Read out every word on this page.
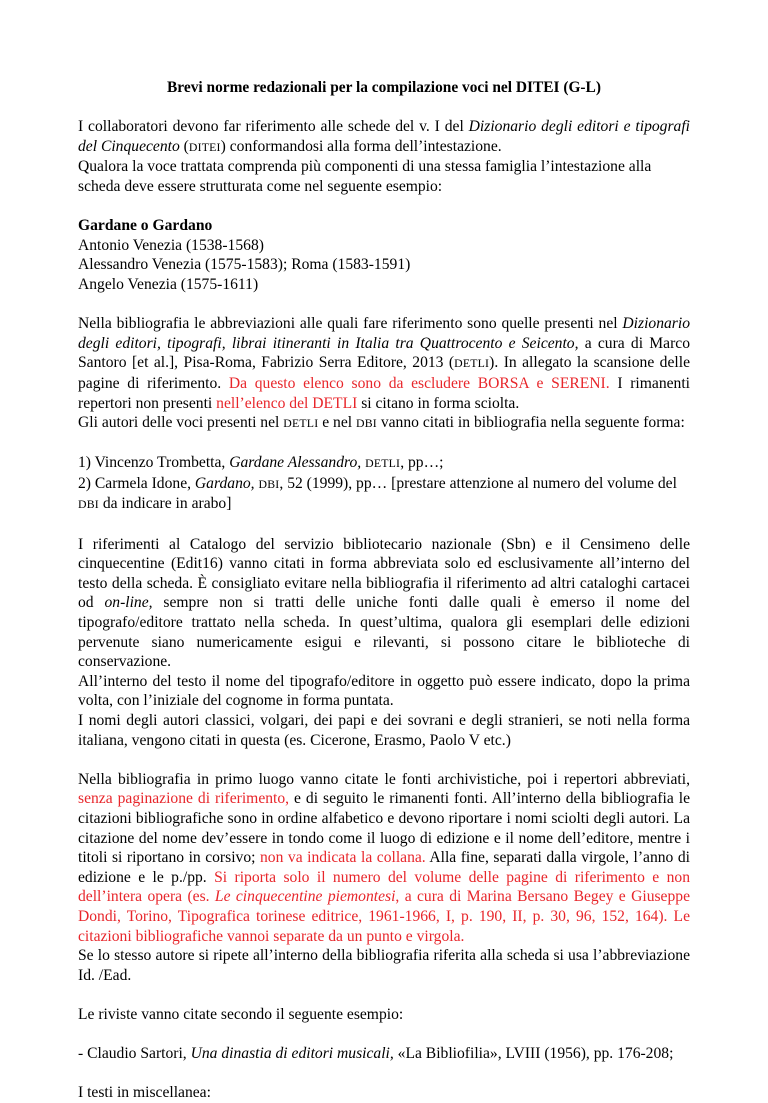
Brevi norme redazionali per la compilazione voci nel DITEI (G-L)

I collaboratori devono far riferimento alle schede del v. I del Dizionario degli editori e tipografi del Cinquecento (DITEI) conformandosi alla forma dell’intestazione.

Qualora la voce trattata comprenda più componenti di una stessa famiglia l’intestazione alla scheda deve essere strutturata come nel seguente esempio:

Gardane o Gardano

Antonio Venezia (1538-1568)

Alessandro Venezia (1575-1583); Roma (1583-1591)

Angelo Venezia (1575-1611)

Nella bibliografia le abbreviazioni alle quali fare riferimento sono quelle presenti nel Dizionario degli editori, tipografi, librai itineranti in Italia tra Quattrocento e Seicento, a cura di Marco Santoro [et al.], Pisa-Roma, Fabrizio Serra Editore, 2013 (DETLI). In allegato la scansione delle pagine di riferimento. Da questo elenco sono da escludere BORSA e SERENI. I rimanenti repertori non presenti nell’elenco del DETLI si citano in forma sciolta.

Gli autori delle voci presenti nel DETLI e nel DBI vanno citati in bibliografia nella seguente forma:

1) Vincenzo Trombetta, Gardane Alessandro, DETLI, pp…;

2) Carmela Idone, Gardano, DBI, 52 (1999), pp… [prestare attenzione al numero del volume del DBI da indicare in arabo]

I riferimenti al Catalogo del servizio bibliotecario nazionale (Sbn) e il Censimeno delle cinquecentine (Edit16) vanno citati in forma abbreviata solo ed esclusivamente all’interno del testo della scheda. È consigliato evitare nella bibliografia il riferimento ad altri cataloghi cartacei od on-line, sempre non si tratti delle uniche fonti dalle quali è emerso il nome del tipografo/editore trattato nella scheda. In quest’ultima, qualora gli esemplari delle edizioni pervenute siano numericamente esigui e rilevanti, si possono citare le biblioteche di conservazione.

All’interno del testo il nome del tipografo/editore in oggetto può essere indicato, dopo la prima volta, con l’iniziale del cognome in forma puntata.

I nomi degli autori classici, volgari, dei papi e dei sovrani e degli stranieri, se noti nella forma italiana, vengono citati in questa (es. Cicerone, Erasmo, Paolo V etc.)

Nella bibliografia in primo luogo vanno citate le fonti archivistiche, poi i repertori abbreviati, senza paginazione di riferimento, e di seguito le rimanenti fonti. All’interno della bibliografia le citazioni bibliografiche sono in ordine alfabetico e devono riportare i nomi sciolti degli autori. La citazione del nome dev’essere in tondo come il luogo di edizione e il nome dell’editore, mentre i titoli si riportano in corsivo; non va indicata la collana. Alla fine, separati dalla virgole, l’anno di edizione e le p./pp. Si riporta solo il numero del volume delle pagine di riferimento e non dell’intera opera (es. Le cinquecentine piemontesi, a cura di Marina Bersano Begey e Giuseppe Dondi, Torino, Tipografica torinese editrice, 1961-1966, I, p. 190, II, p. 30, 96, 152, 164). Le citazioni bibliografiche vannoi separate da un punto e virgola.

Se lo stesso autore si ripete all’interno della bibliografia riferita alla scheda si usa l’abbreviazione Id. /Ead.

Le riviste vanno citate secondo il seguente esempio:

- Claudio Sartori, Una dinastia di editori musicali, «La Bibliofilia», LVIII (1956), pp. 176-208;

I testi in miscellanea:
